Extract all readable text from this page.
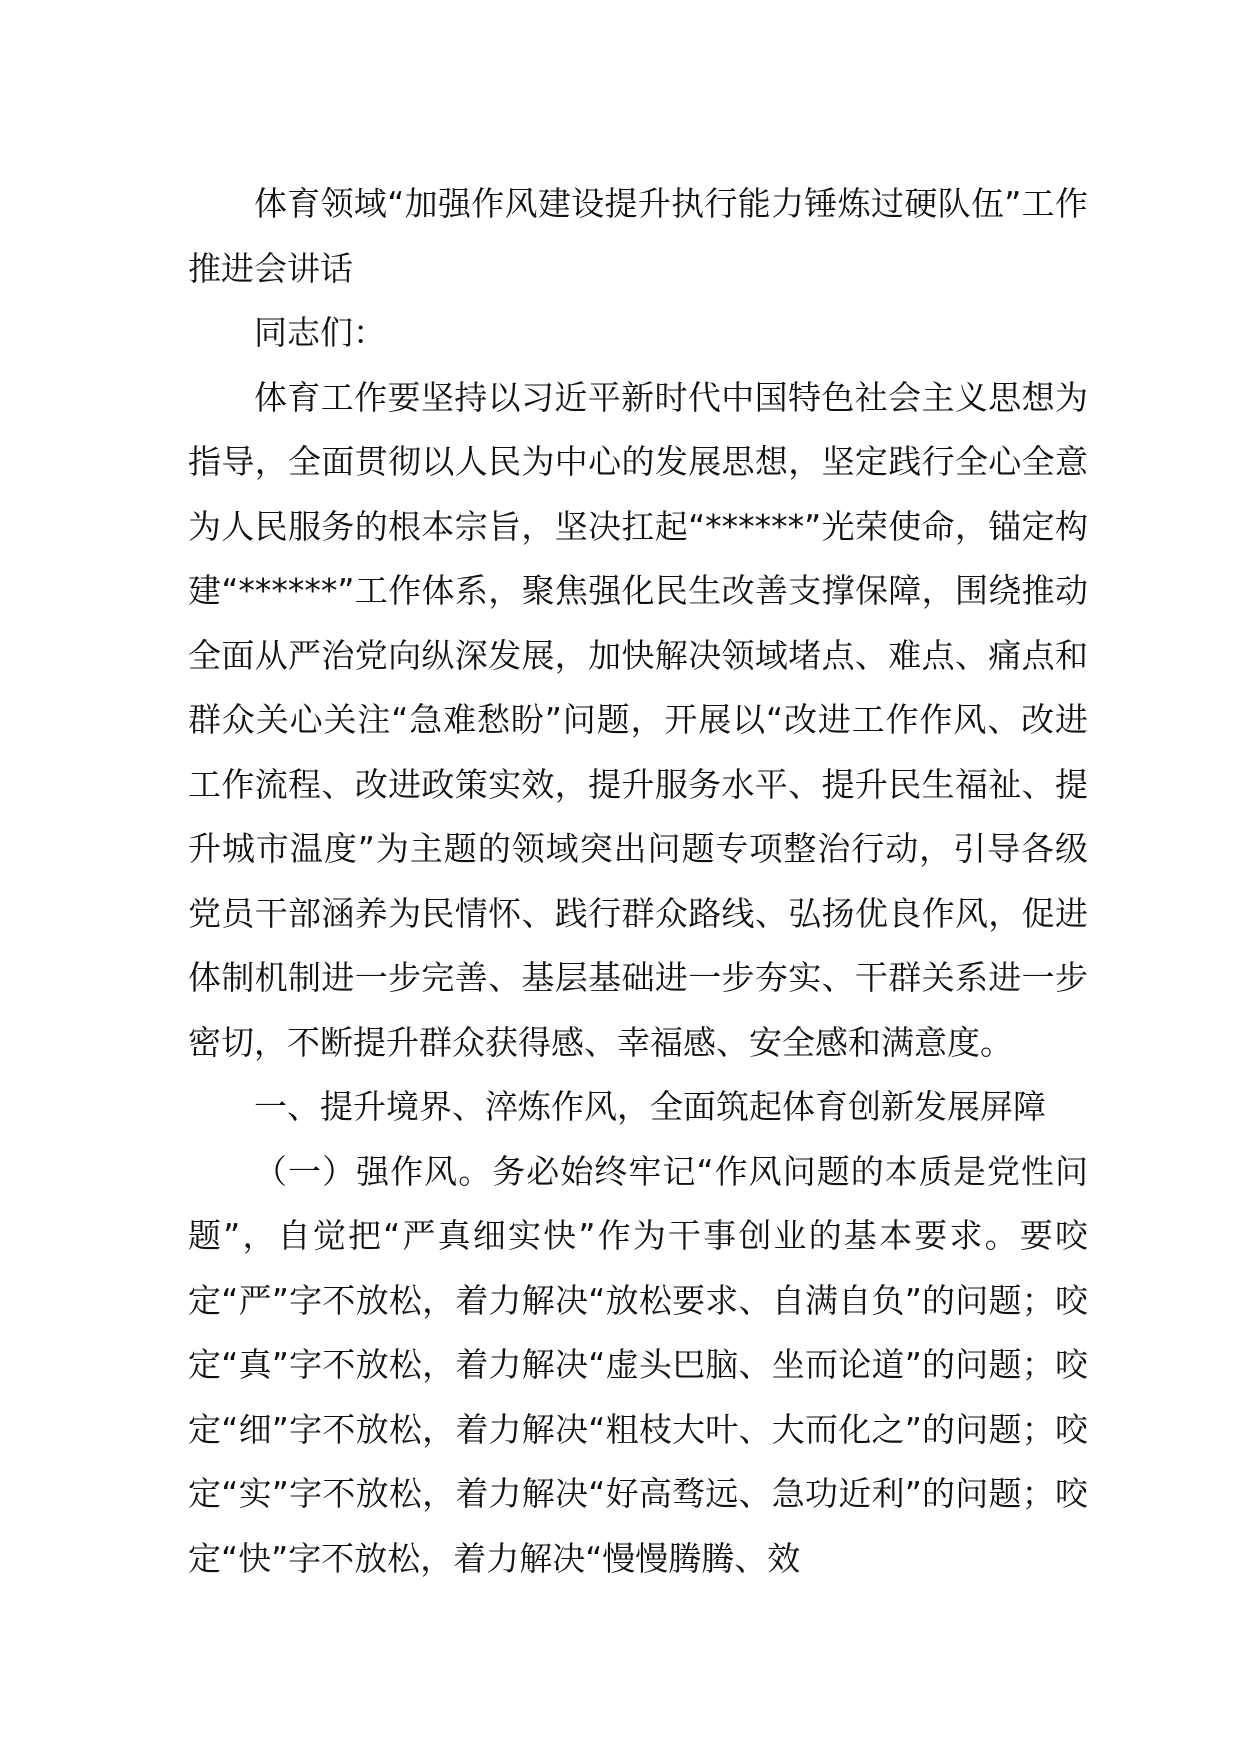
体育领域“加强作风建设提升执行能力锤炼过硬队伍”工作推进会讲话

同志们：

体育工作要坚持以习近平新时代中国特色社会主义思想为指导，全面贯彻以人民为中心的发展思想，坚定践行全心全意为人民服务的根本宗旨，坚决扛起“******”光荣使命，锚定构建“******”工作体系，聚焦强化民生改善支撑保障，围绕推动全面从严治党向纵深发展，加快解决领域堵点、难点、痛点和群众关心关注“急难愁盼”问题，开展以“改进工作作风、改进工作流程、改进政策实效，提升服务水平、提升民生福祉、提升城市温度”为主题的领域突出问题专项整治行动，引导各级党员干部涵养为民情怀、践行群众路线、弘扬优良作风，促进体制机制进一步完善、基层基础进一步夯实、干群关系进一步密切，不断提升群众获得感、幸福感、安全感和满意度。

一、提升境界、淬炼作风，全面筑起体育创新发展屏障

（一）强作风。务必始终牢记“作风问题的本质是党性问题”，自觉把“严真细实快”作为干事创业的基本要求。要咬定“严”字不放松，着力解决“放松要求、自满自负”的问题；咬定“真”字不放松，着力解决“虚头巴脑、坐而论道”的问题；咬定“细”字不放松，着力解决“粗枝大叶、大而化之”的问题；咬定“实”字不放松，着力解决“好高骛远、急功近利”的问题；咬定“快”字不放松，着力解决“慢慢腾腾、效
